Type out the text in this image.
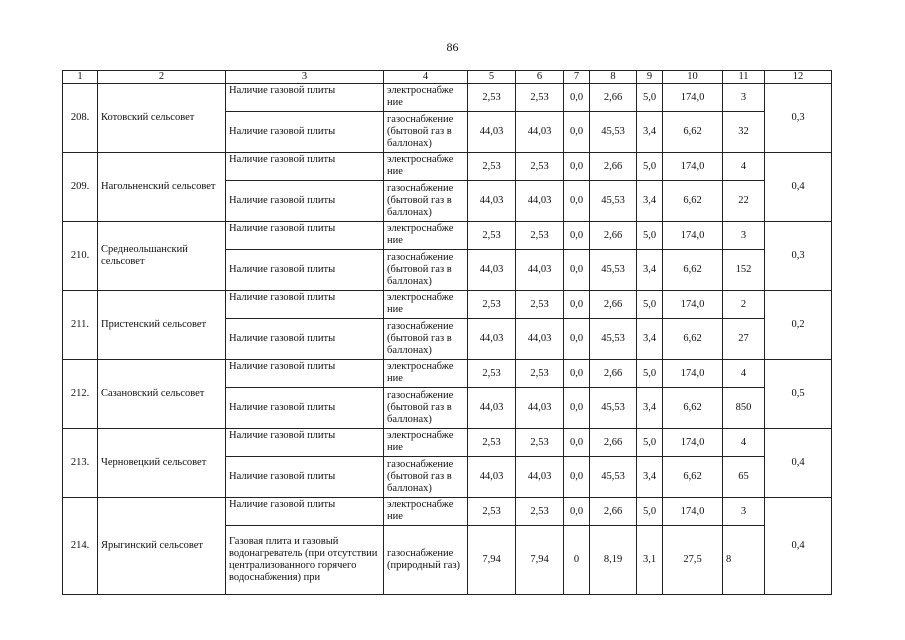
86
1	2	3	4	5	6	7	8	9	10	11	12
208.	Котовский сельсовет	Наличие газовой плиты	электроснабже ние	2,53	2,53	0,0	2,66	5,0	174,0	3	0,3
		Наличие газовой плиты	газоснабжение (бытовой газ в баллонах)	44,03	44,03	0,0	45,53	3,4	6,62	32	
209.	Нагольненский сельсовет	Наличие газовой плиты	электроснабже ние	2,53	2,53	0,0	2,66	5,0	174,0	4	0,4
		Наличие газовой плиты	газоснабжение (бытовой газ в баллонах)	44,03	44,03	0,0	45,53	3,4	6,62	22	
210.	Среднеольшанский сельсовет	Наличие газовой плиты	электроснабже ние	2,53	2,53	0,0	2,66	5,0	174,0	3	0,3
		Наличие газовой плиты	газоснабжение (бытовой газ в баллонах)	44,03	44,03	0,0	45,53	3,4	6,62	152	
211.	Пристенский сельсовет	Наличие газовой плиты	электроснабже ние	2,53	2,53	0,0	2,66	5,0	174,0	2	0,2
		Наличие газовой плиты	газоснабжение (бытовой газ в баллонах)	44,03	44,03	0,0	45,53	3,4	6,62	27	
212.	Сазановский сельсовет	Наличие газовой плиты	электроснабже ние	2,53	2,53	0,0	2,66	5,0	174,0	4	0,5
		Наличие газовой плиты	газоснабжение (бытовой газ в баллонах)	44,03	44,03	0,0	45,53	3,4	6,62	850	
213.	Черновецкий сельсовет	Наличие газовой плиты	электроснабже ние	2,53	2,53	0,0	2,66	5,0	174,0	4	0,4
		Наличие газовой плиты	газоснабжение (бытовой газ в баллонах)	44,03	44,03	0,0	45,53	3,4	6,62	65	
214.	Ярыгинский сельсовет	Наличие газовой плиты	электроснабже ние	2,53	2,53	0,0	2,66	5,0	174,0	3	0,4
		Газовая плита и газовый водонагреватель (при отсутствии централизованного горячего водоснабжения) при	газоснабжение (природный газ)	7,94	7,94	0	8,19	3,1	27,5	8	
